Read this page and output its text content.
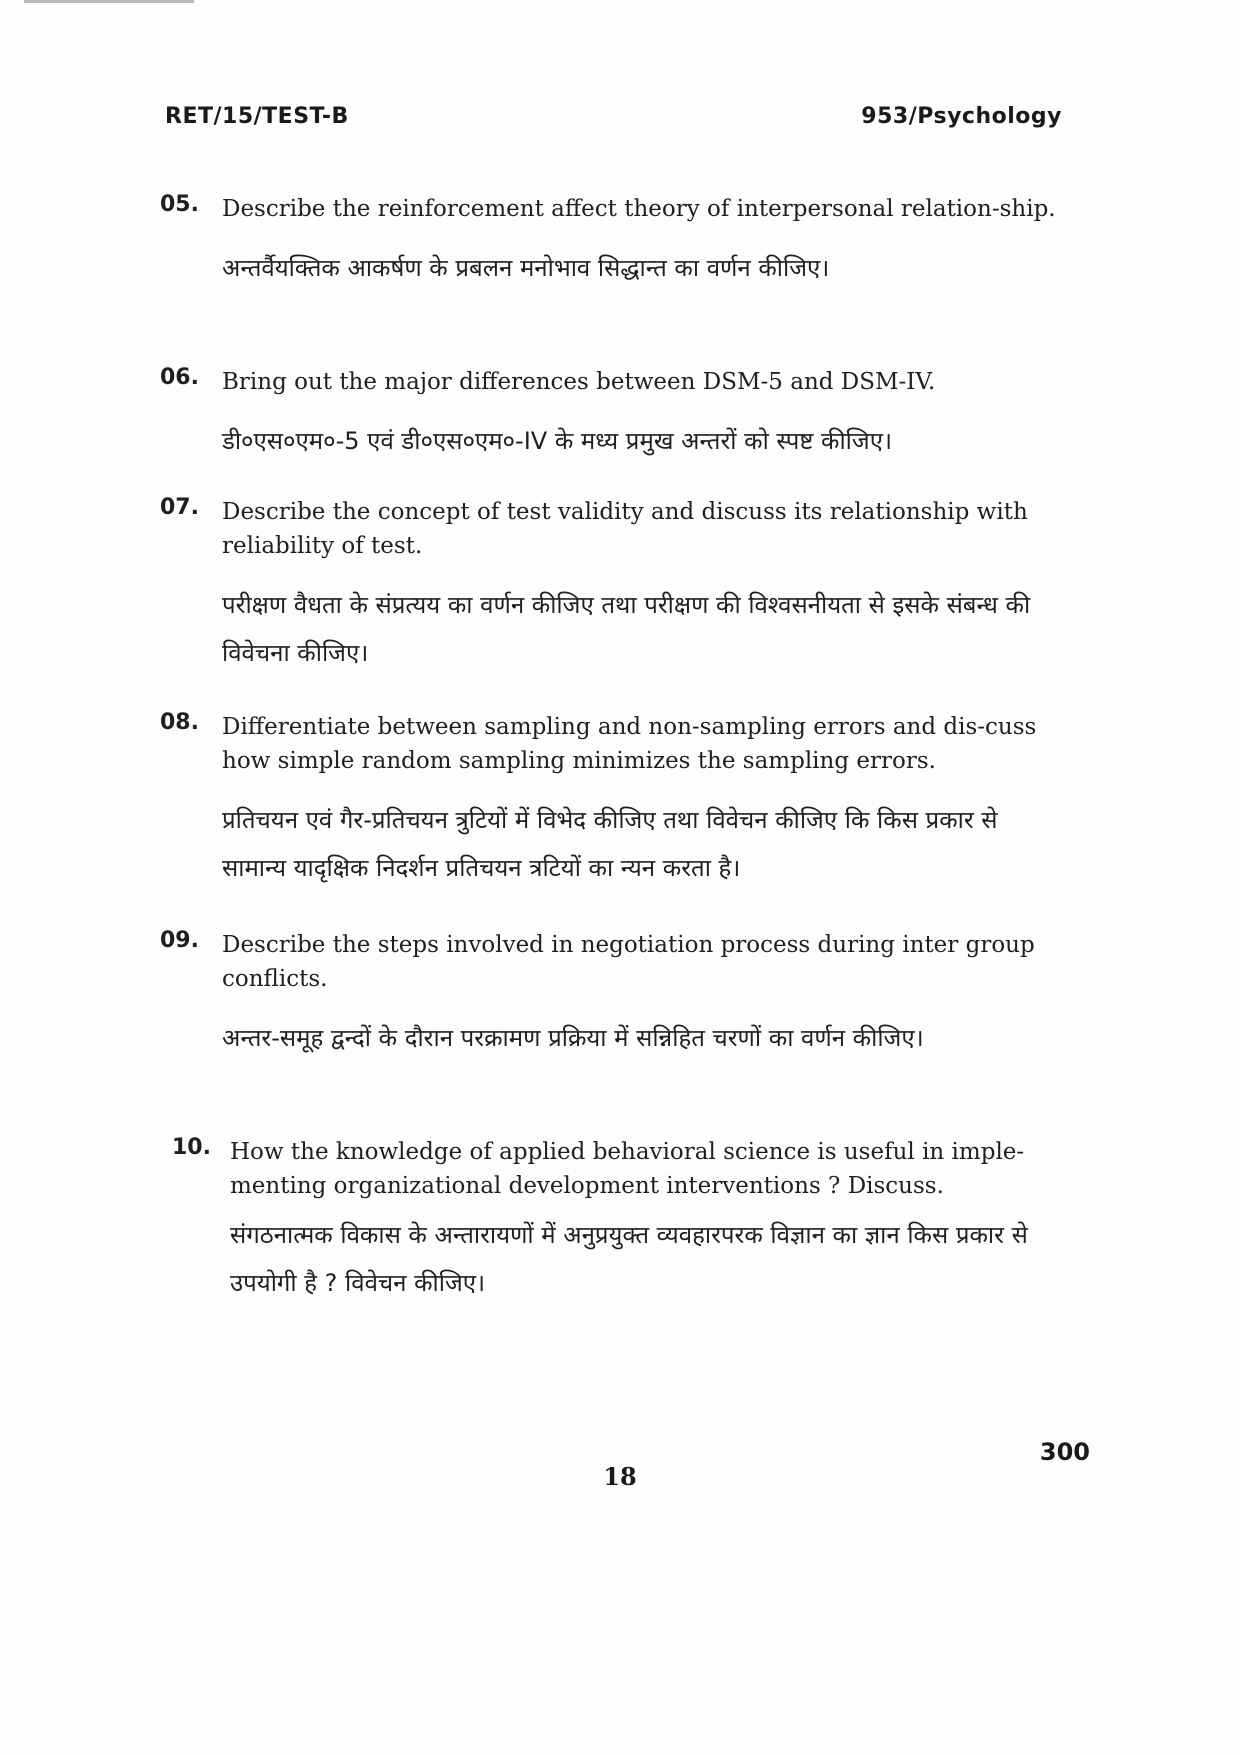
RET/15/TEST-B	953/Psychology
05. Describe the reinforcement affect theory of interpersonal relation-ship.
अन्तर्वैयक्तिक आकर्षण के प्रबलन मनोभाव सिद्धान्त का वर्णन कीजिए।
06. Bring out the major differences between DSM-5 and DSM-IV.
डी०एस०एम०-5 एवं डी०एस०एम०-IV के मध्य प्रमुख अन्तरों को स्पष्ट कीजिए।
07. Describe the concept of test validity and discuss its relationship with reliability of test.
परीक्षण वैधता के संप्रत्यय का वर्णन कीजिए तथा परीक्षण की विश्वसनीयता से इसके संबन्ध की विवेचना कीजिए।
08. Differentiate between sampling and non-sampling errors and dis-cuss how simple random sampling minimizes the sampling errors.
प्रतिचयन एवं गैर-प्रतिचयन त्रुटियों में विभेद कीजिए तथा विवेचन कीजिए कि किस प्रकार से सामान्य यादृक्षिक निदर्शन प्रतिचयन त्रटियों का न्यन करता है।
09. Describe the steps involved in negotiation process during inter group conflicts.
अन्तर-समूह द्वन्दों के दौरान परक्रामण प्रक्रिया में सन्निहित चरणों का वर्णन कीजिए।
10. How the knowledge of applied behavioral science is useful in imple-menting organizational development interventions ? Discuss.
संगठनात्मक विकास के अन्तारायणों में अनुप्रयुक्त व्यवहारपरक विज्ञान का ज्ञान किस प्रकार से उपयोगी है ? विवेचन कीजिए।
300
18
